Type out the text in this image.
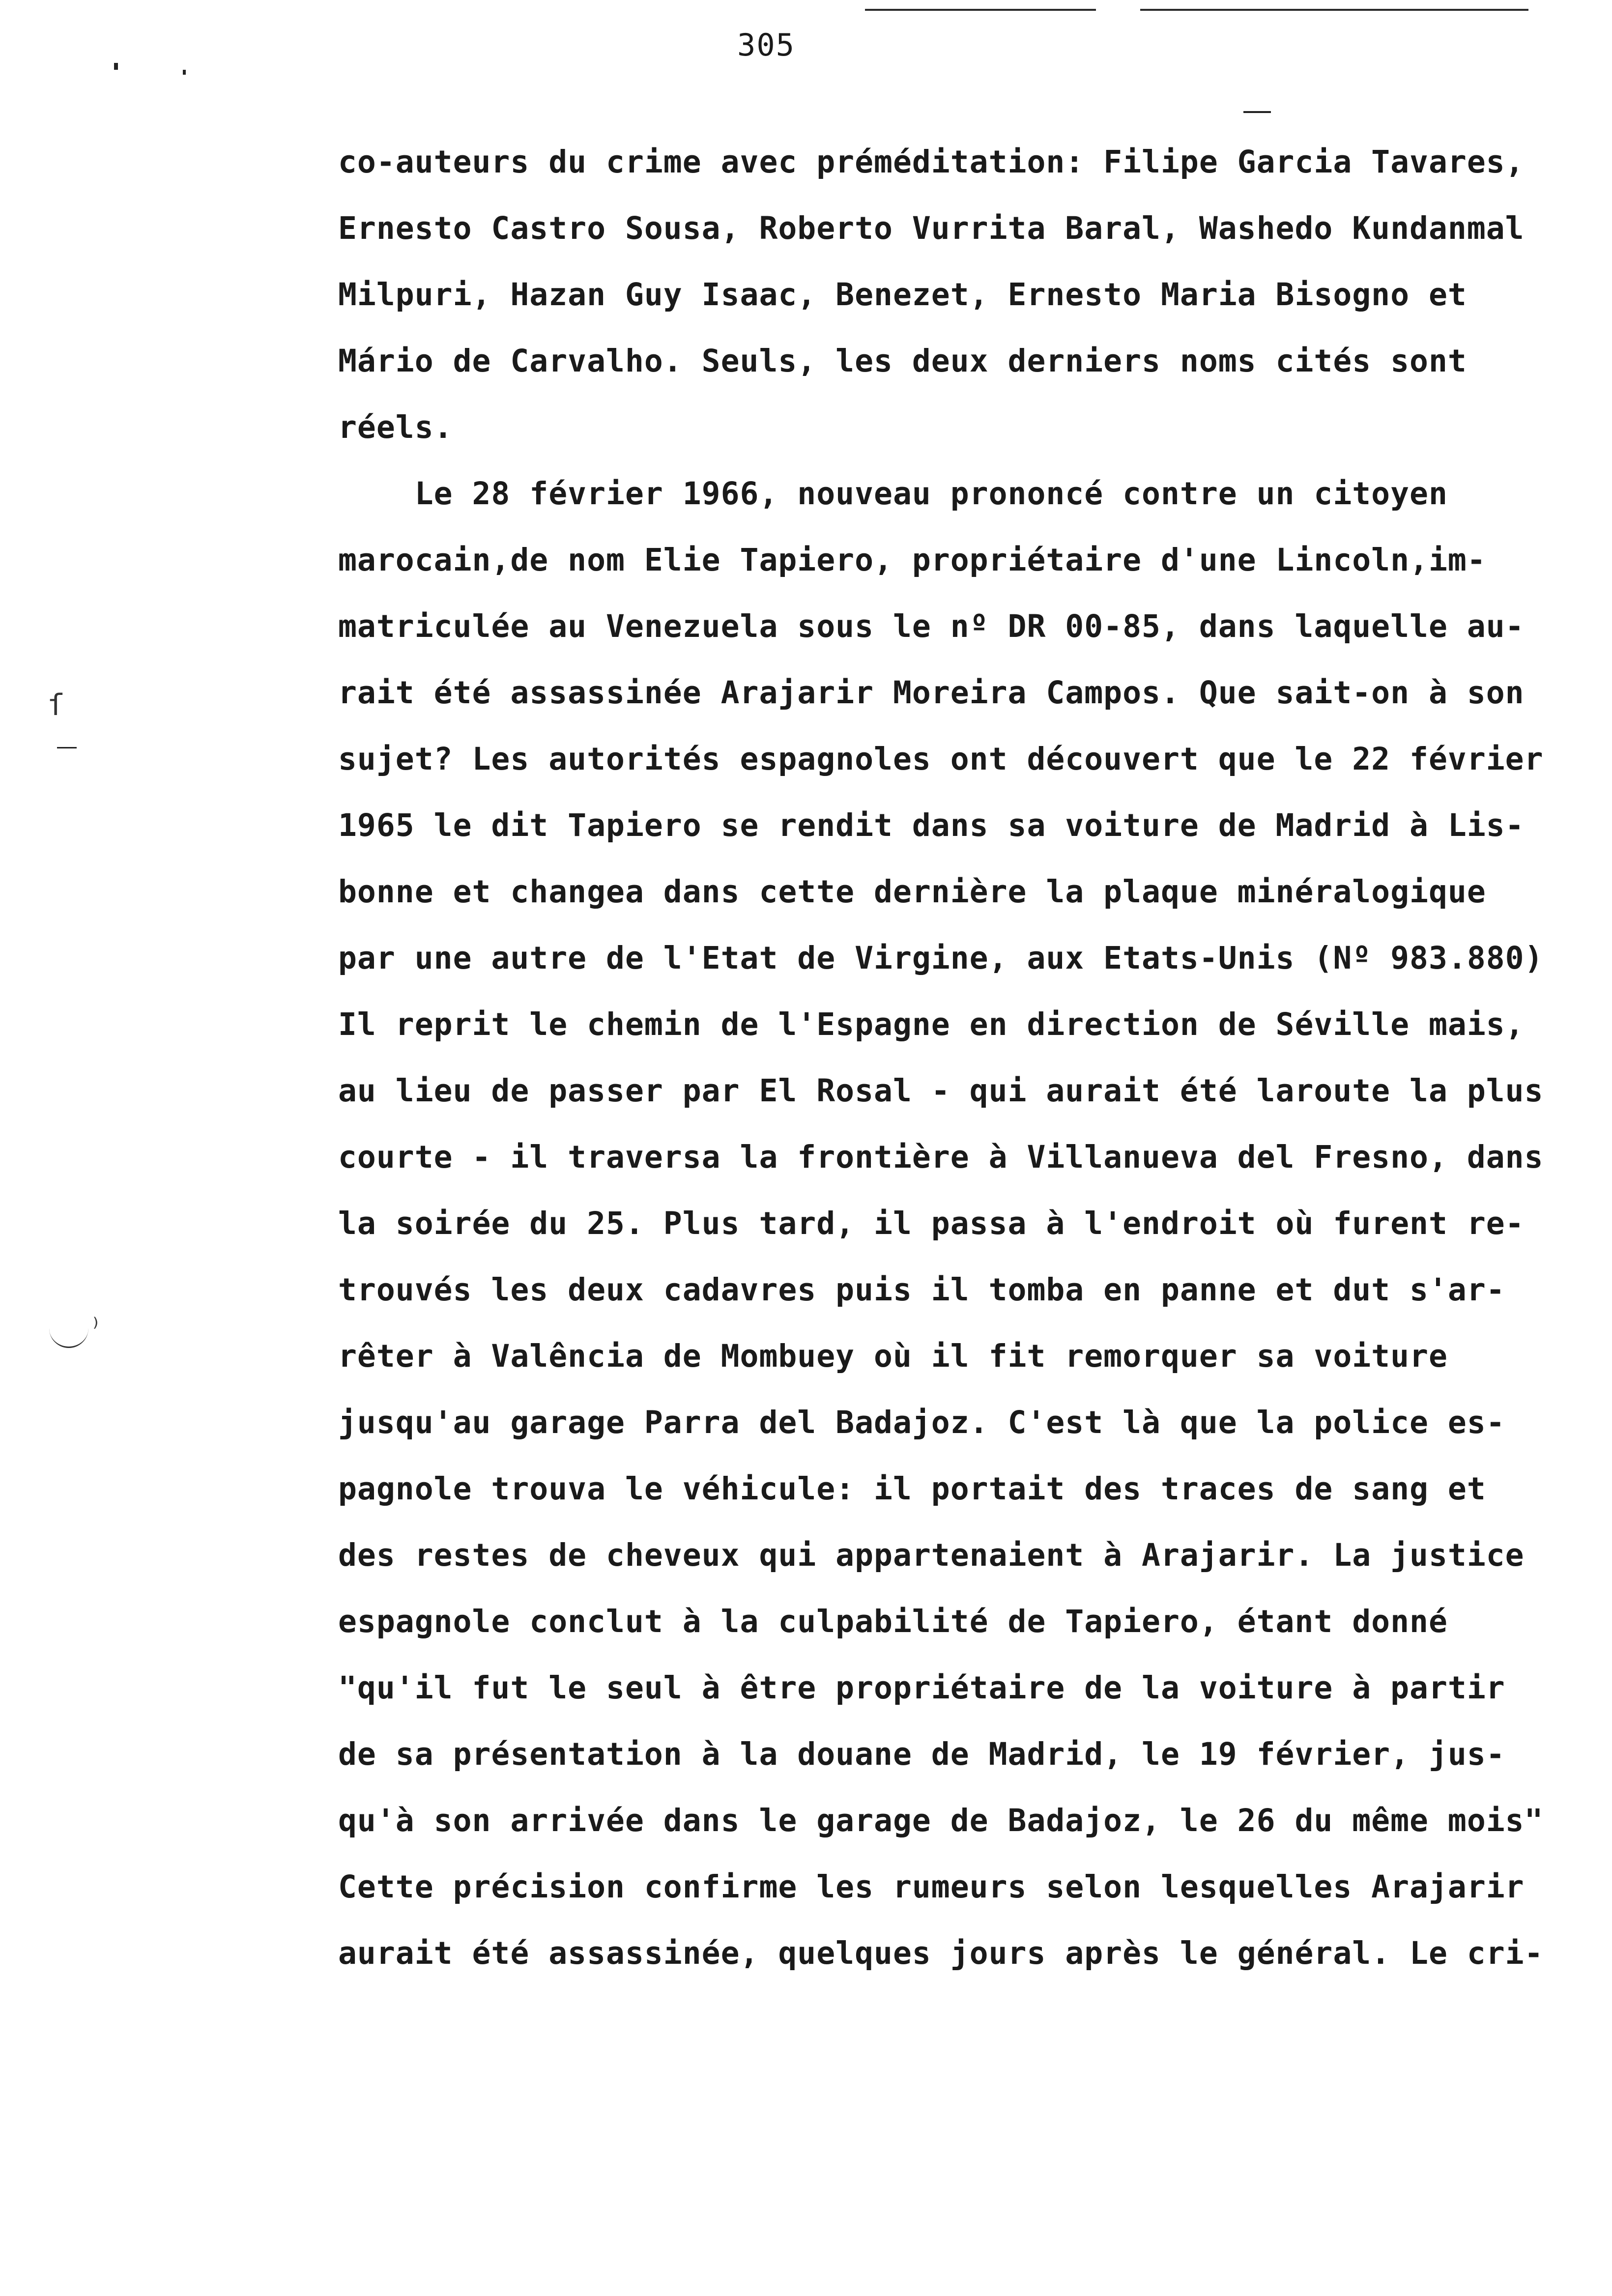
305
ſ
⁾
co-auteurs du crime avec préméditation: Filipe Garcia Tavares,
Ernesto Castro Sousa, Roberto Vurrita Baral, Washedo Kundanmal
Milpuri, Hazan Guy Isaac, Benezet, Ernesto Maria Bisogno et
Mário de Carvalho. Seuls, les deux derniers noms cités sont
réels.
Le 28 février 1966, nouveau prononcé contre un citoyen
marocain,de nom Elie Tapiero, propriétaire d'une Lincoln,im-
matriculée au Venezuela sous le nº DR 00-85, dans laquelle au-
rait été assassinée Arajarir Moreira Campos. Que sait-on à son
sujet? Les autorités espagnoles ont découvert que le 22 février
1965 le dit Tapiero se rendit dans sa voiture de Madrid à Lis-
bonne et changea dans cette dernière la plaque minéralogique
par une autre de l'Etat de Virgine, aux Etats-Unis (Nº 983.880)
Il reprit le chemin de l'Espagne en direction de Séville mais,
au lieu de passer par El Rosal - qui aurait été laroute la plus
courte - il traversa la frontière à Villanueva del Fresno, dans
la soirée du 25. Plus tard, il passa à l'endroit où furent re-
trouvés les deux cadavres puis il tomba en panne et dut s'ar-
rêter à Valência de Mombuey où il fit remorquer sa voiture
jusqu'au garage Parra del Badajoz. C'est là que la police es-
pagnole trouva le véhicule: il portait des traces de sang et
des restes de cheveux qui appartenaient à Arajarir. La justice
espagnole conclut à la culpabilité de Tapiero, étant donné
"qu'il fut le seul à être propriétaire de la voiture à partir
de sa présentation à la douane de Madrid, le 19 février, jus-
qu'à son arrivée dans le garage de Badajoz, le 26 du même mois"
Cette précision confirme les rumeurs selon lesquelles Arajarir
aurait été assassinée, quelques jours après le général. Le cri-
